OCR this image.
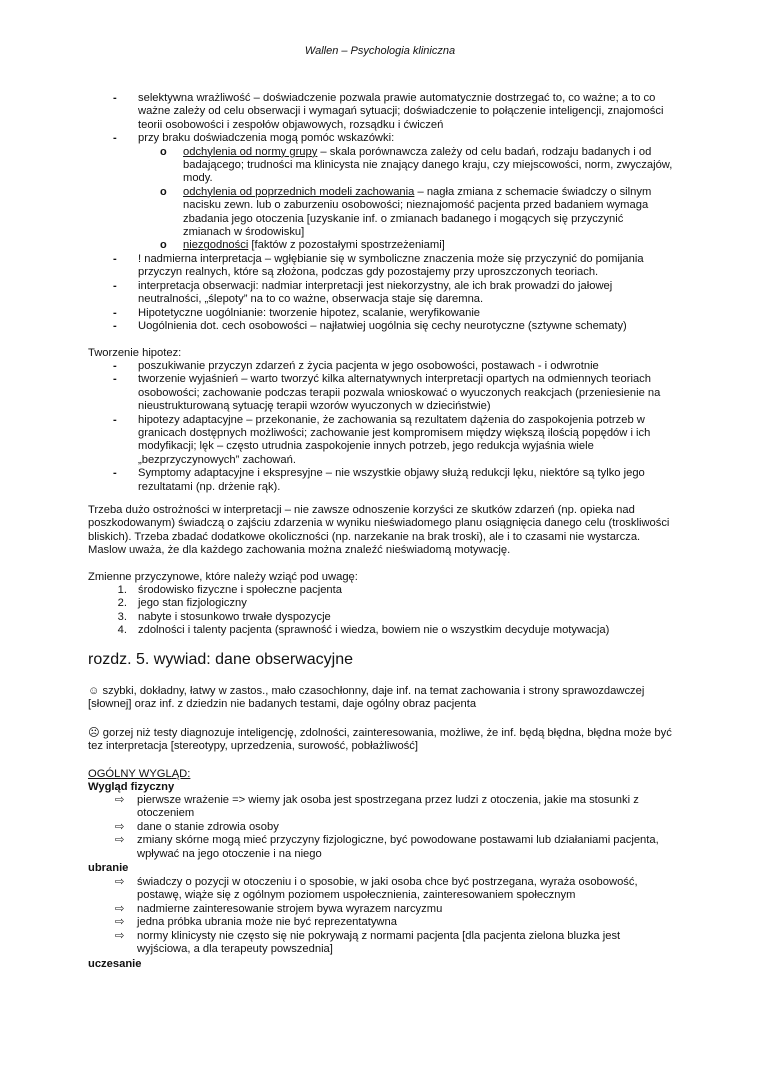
Wallen – Psychologia kliniczna
- selektywna wrażliwość – doświadczenie pozwala prawie automatycznie dostrzegać to, co ważne; a to co ważne zależy od celu obserwacji i wymagań sytuacji; doświadczenie to połączenie inteligencji, znajomości teorii osobowości i zespołów objawowych, rozsądku i ćwiczeń
- przy braku doświadczenia mogą pomóc wskazówki:
o odchylenia od normy grupy – skala porównawcza zależy od celu badań, rodzaju badanych i od badającego; trudności ma klinicysta nie znający danego kraju, czy miejscowości, norm, zwyczajów, mody.
o odchylenia od poprzednich modeli zachowania – nagła zmiana z schemacie świadczy o silnym nacisku zewn. lub o zaburzeniu osobowości; nieznajomość pacjenta przed badaniem wymaga zbadania jego otoczenia [uzyskanie inf. o zmianach badanego i mogących się przyczynić zmianach w środowisku]
o niezgodności [faktów z pozostałymi spostrzeżeniami]
- ! nadmierna interpretacja – wgłębianie się w symboliczne znaczenia może się przyczynić do pomijania przyczyn realnych, które są złożona, podczas gdy pozostajemy przy uproszczonych teoriach.
- interpretacja obserwacji: nadmiar interpretacji jest niekorzystny, ale ich brak prowadzi do jałowej neutralności, „ślepoty” na to co ważne, obserwacja staje się daremna.
- Hipotetyczne uogólnianie: tworzenie hipotez, scalanie, weryfikowanie
- Uogólnienia dot. cech osobowości – najłatwiej uogólnia się cechy neurotyczne (sztywne schematy)
Tworzenie hipotez:
- poszukiwanie przyczyn zdarzeń z życia pacjenta w jego osobowości, postawach - i odwrotnie
- tworzenie wyjaśnień – warto tworzyć kilka alternatywnych interpretacji opartych na odmiennych teoriach osobowości; zachowanie podczas terapii pozwala wnioskować o wyuczonych reakcjach (przeniesienie na nieustrukturowaną sytuację terapii wzorów wyuczonych w dzieciństwie)
- hipotezy adaptacyjne – przekonanie, że zachowania są rezultatem dążenia do zaspokojenia potrzeb w granicach dostępnych możliwości; zachowanie jest kompromisem między większą ilością popędów i ich modyfikacji; lęk – często utrudnia zaspokojenie innych potrzeb, jego redukcja wyjaśnia wiele „bezprzyczynowych” zachowań.
- Symptomy adaptacyjne i ekspresyjne – nie wszystkie objawy służą redukcji lęku, niektóre są tylko jego rezultatami (np. drżenie rąk).
Trzeba dużo ostrożności w interpretacji – nie zawsze odnoszenie korzyści ze skutków zdarzeń (np. opieka nad poszkodowanym) świadczą o zajściu zdarzenia w wyniku nieświadomego planu osiągnięcia danego celu (troskliwości bliskich). Trzeba zbadać dodatkowe okoliczności (np. narzekanie na brak troski), ale i to czasami nie wystarcza. Maslow uważa, że dla każdego zachowania można znaleźć nieświadomą motywację.
Zmienne przyczynowe, które należy wziąć pod uwagę:
1. środowisko fizyczne i społeczne pacjenta
2. jego stan fizjologiczny
3. nabyte i stosunkowo trwałe dyspozycje
4. zdolności i talenty pacjenta (sprawność i wiedza, bowiem nie o wszystkim decyduje motywacja)
rozdz. 5. wywiad: dane obserwacyjne
☺ szybki, dokładny, łatwy w zastos., mało czasochłonny, daje inf. na temat zachowania i strony sprawozdawczej [słownej] oraz inf. z dziedzin nie badanych testami, daje ogólny obraz pacjenta
☹ gorzej niż testy diagnozuje inteligencję, zdolności, zainteresowania, możliwe, że inf. będą błędna, błędna może być tez interpretacja [stereotypy, uprzedzenia, surowość, pobłażliwość]
OGÓLNY WYGLĄD:
Wygląd fizyczny
⇨ pierwsze wrażenie => wiemy jak osoba jest spostrzegana przez ludzi z otoczenia, jakie ma stosunki z otoczeniem
⇨ dane o stanie zdrowia osoby
⇨ zmiany skórne mogą mieć przyczyny fizjologiczne, być powodowane postawami lub działaniami pacjenta, wpływać na jego otoczenie i na niego
ubranie
⇨ świadczy o pozycji w otoczeniu i o sposobie, w jaki osoba chce być postrzegana, wyraża osobowość, postawę, wiąże się z ogólnym poziomem uspołecznienia, zainteresowaniem społecznym
⇨ nadmierne zainteresowanie strojem bywa wyrazem narcyzmu
⇨ jedna próbka ubrania może nie być reprezentatywna
⇨ normy klinicysty nie często się nie pokrywają z normami pacjenta [dla pacjenta zielona bluzka jest wyjściowa, a dla terapeuty powszednia]
uczesanie
